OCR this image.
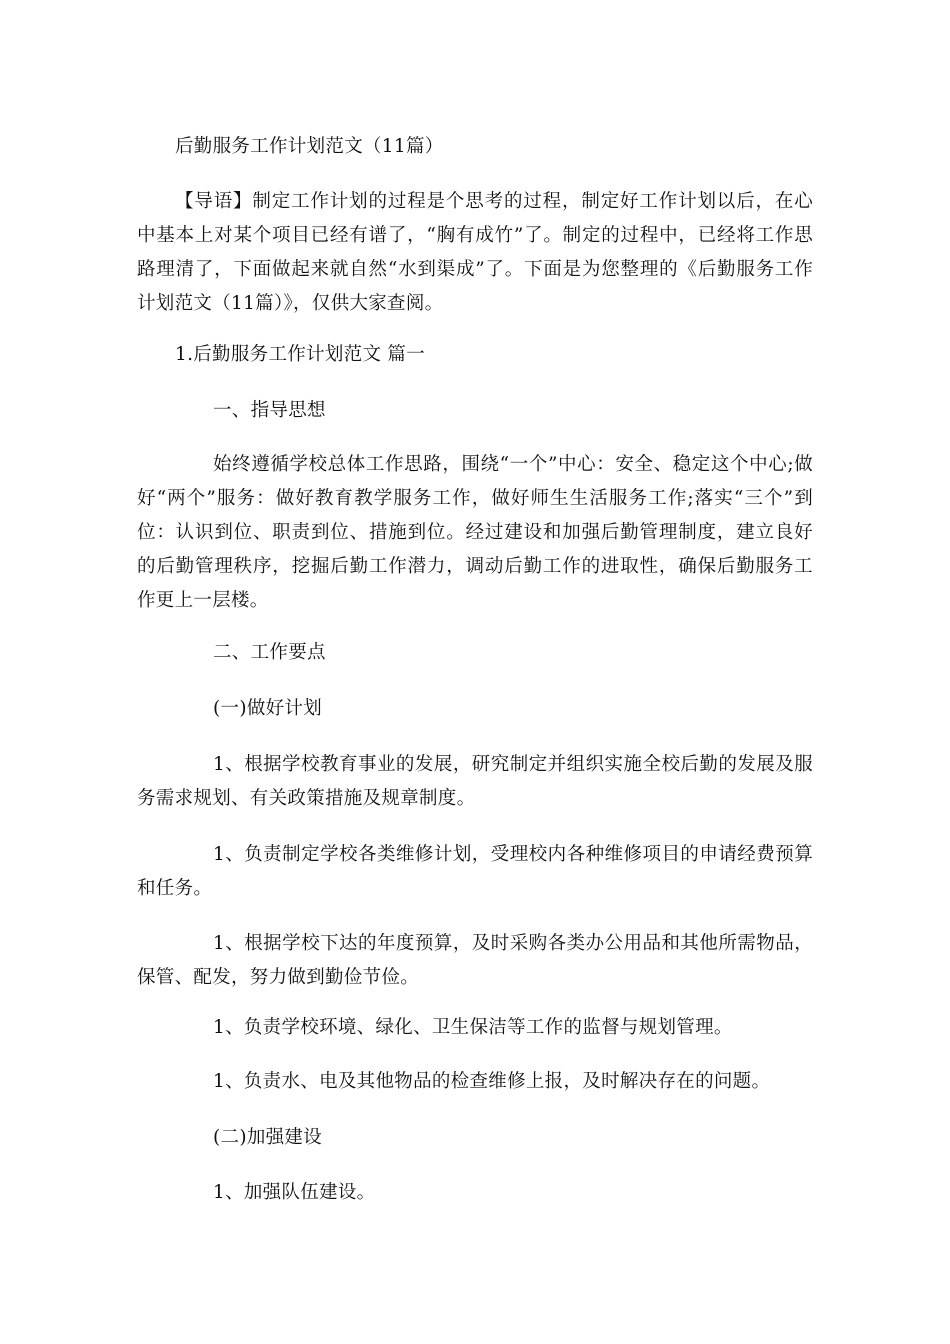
后勤服务工作计划范文（11篇）

【导语】制定工作计划的过程是个思考的过程，制定好工作计划以后，在心中基本上对某个项目已经有谱了，“胸有成竹”了。制定的过程中，已经将工作思路理清了，下面做起来就自然“水到渠成”了。下面是为您整理的《后勤服务工作计划范文（11篇）》，仅供大家查阅。

1.后勤服务工作计划范文 篇一
一、指导思想

始终遵循学校总体工作思路，围绕“一个”中心：安全、稳定这个中心;做好“两个”服务：做好教育教学服务工作，做好师生生活服务工作;落实“三个”到位：认识到位、职责到位、措施到位。经过建设和加强后勤管理制度，建立良好的后勤管理秩序，挖掘后勤工作潜力，调动后勤工作的进取性，确保后勤服务工作更上一层楼。

二、工作要点
(一)做好计划

1、根据学校教育事业的发展，研究制定并组织实施全校后勤的发展及服务需求规划、有关政策措施及规章制度。

1、负责制定学校各类维修计划，受理校内各种维修项目的申请经费预算和任务。

1、根据学校下达的年度预算，及时采购各类办公用品和其他所需物品，保管、配发，努力做到勤俭节俭。

1、负责学校环境、绿化、卫生保洁等工作的监督与规划管理。
1、负责水、电及其他物品的检查维修上报，及时解决存在的问题。
(二)加强建设
1、加强队伍建设。
